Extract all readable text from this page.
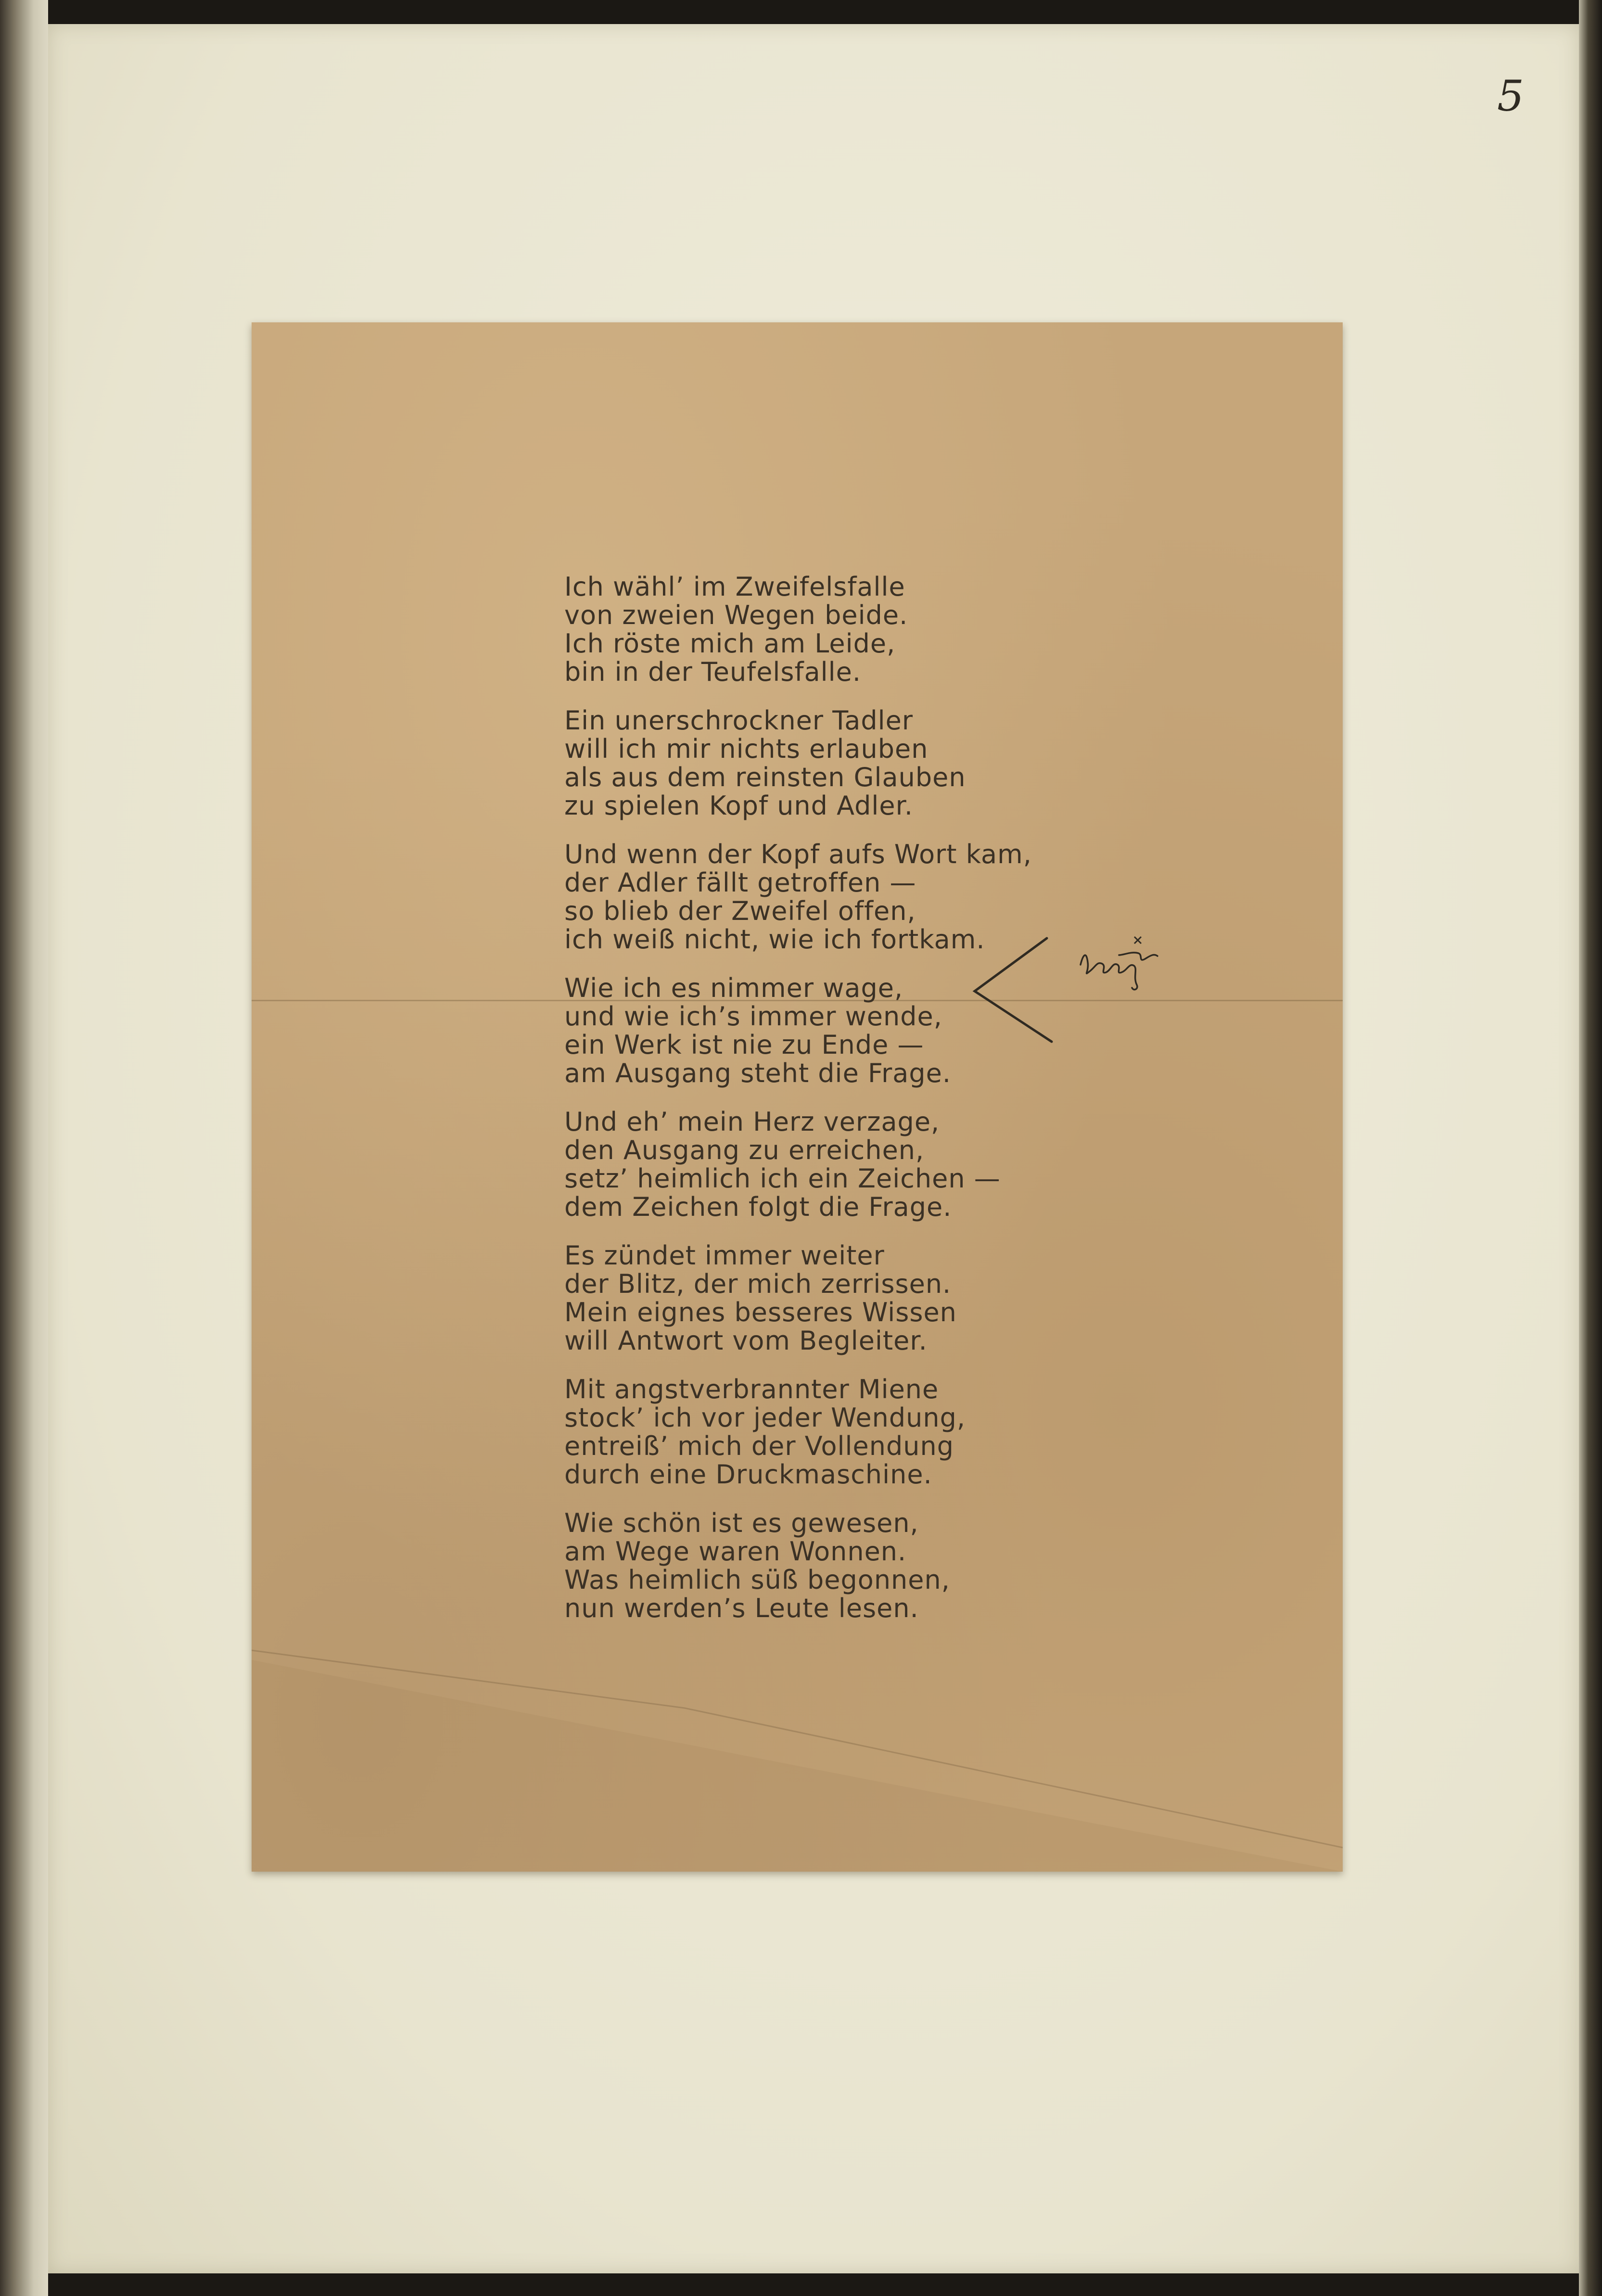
5
Ich wähl’ im Zweifelsfalle
von zweien Wegen beide.
Ich röste mich am Leide,
bin in der Teufelsfalle.
Ein unerschrockner Tadler
will ich mir nichts erlauben
als aus dem reinsten Glauben
zu spielen Kopf und Adler.
Und wenn der Kopf aufs Wort kam,
der Adler fällt getroffen —
so blieb der Zweifel offen,
ich weiß nicht, wie ich fortkam.
Wie ich es nimmer wage,
und wie ich’s immer wende,
ein Werk ist nie zu Ende —
am Ausgang steht die Frage.
Und eh’ mein Herz verzage,
den Ausgang zu erreichen,
setz’ heimlich ich ein Zeichen —
dem Zeichen folgt die Frage.
Es zündet immer weiter
der Blitz, der mich zerrissen.
Mein eignes besseres Wissen
will Antwort vom Begleiter.
Mit angstverbrannter Miene
stock’ ich vor jeder Wendung,
entreiß’ mich der Vollendung
durch eine Druckmaschine.
Wie schön ist es gewesen,
am Wege waren Wonnen.
Was heimlich süß begonnen,
nun werden’s Leute lesen.
